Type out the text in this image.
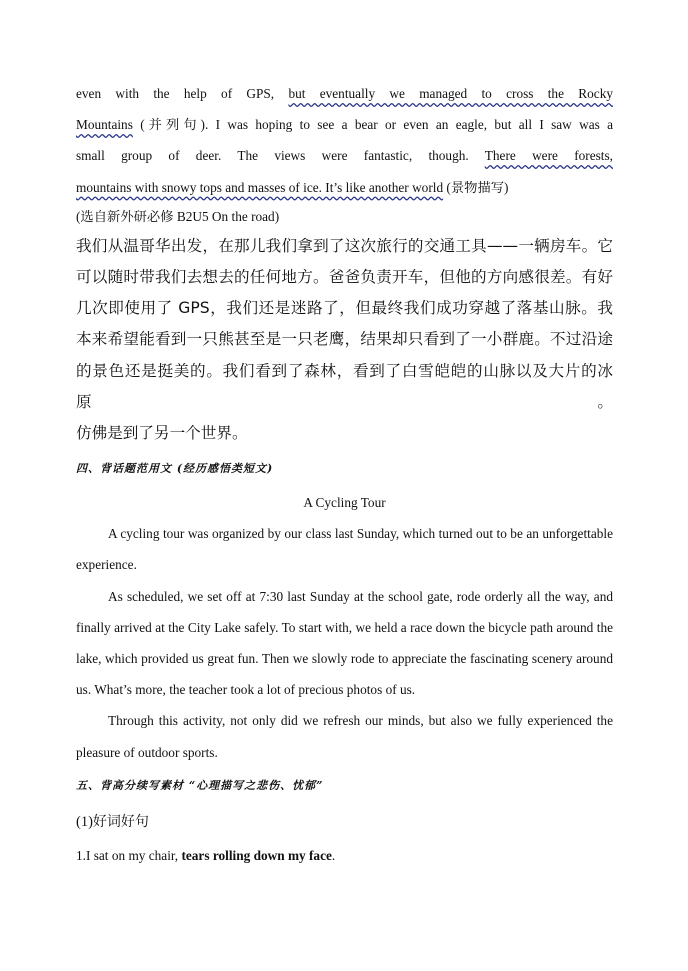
even with the help of GPS, but eventually we managed to cross the Rocky

Mountains (并列句). I was hoping to see a bear or even an eagle, but all I saw was a

small group of deer. The views were fantastic, though. There were forests,

mountains with snowy tops and masses of ice. It’s like another world (景物描写)

(选自新外研必修 B2U5 On the road)

我们从温哥华出发，在那儿我们拿到了这次旅行的交通工具——一辆房车。它

可以随时带我们去想去的任何地方。爸爸负责开车，但他的方向感很差。有好

几次即使用了 GPS，我们还是迷路了，但最终我们成功穿越了落基山脉。我

本来希望能看到一只熊甚至是一只老鹰，结果却只看到了一小群鹿。不过沿途

的景色还是挺美的。我们看到了森林，看到了白雪皑皑的山脉以及大片的冰原。

仿佛是到了另一个世界。

四、背话题范用文 (经历感悟类短文)

A Cycling Tour

A cycling tour was organized by our class last Sunday, which turned out to be an unforgettable experience.

As scheduled, we set off at 7:30 last Sunday at the school gate, rode orderly all the way, and finally arrived at the City Lake safely. To start with, we held a race down the bicycle path around the lake, which provided us great fun. Then we slowly rode to appreciate the fascinating scenery around us. What’s more, the teacher took a lot of precious photos of us.

Through this activity, not only did we refresh our minds, but also we fully experienced the pleasure of outdoor sports.

五、背高分续写素材 “心理描写之悲伤、忧郁”

(1)好词好句

1.I sat on my chair, tears rolling down my face.
